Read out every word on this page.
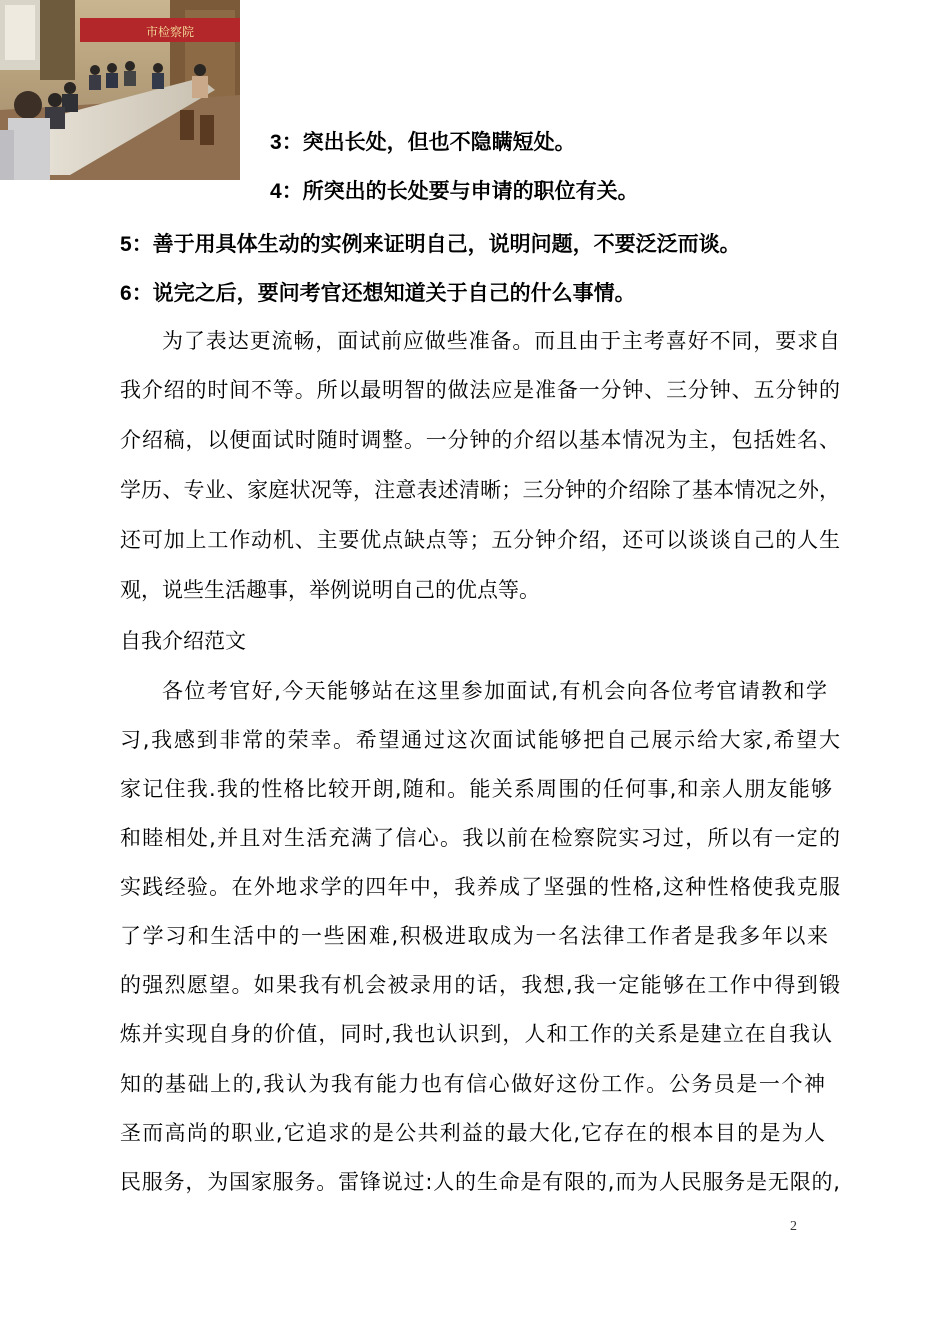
市检察院
3：突出长处，但也不隐瞒短处。
4：所突出的长处要与申请的职位有关。
5：善于用具体生动的实例来证明自己，说明问题，不要泛泛而谈。
6：说完之后，要问考官还想知道关于自己的什么事情。
为了表达更流畅，面试前应做些准备。而且由于主考喜好不同，要求自
我介绍的时间不等。所以最明智的做法应是准备一分钟、三分钟、五分钟的
介绍稿，以便面试时随时调整。一分钟的介绍以基本情况为主，包括姓名、
学历、专业、家庭状况等，注意表述清晰；三分钟的介绍除了基本情况之外，
还可加上工作动机、主要优点缺点等；五分钟介绍，还可以谈谈自己的人生
观，说些生活趣事，举例说明自己的优点等。
自我介绍范文
各位考官好,今天能够站在这里参加面试,有机会向各位考官请教和学
习,我感到非常的荣幸。希望通过这次面试能够把自己展示给大家,希望大
家记住我.我的性格比较开朗,随和。能关系周围的任何事,和亲人朋友能够
和睦相处,并且对生活充满了信心。我以前在检察院实习过，所以有一定的
实践经验。在外地求学的四年中，我养成了坚强的性格,这种性格使我克服
了学习和生活中的一些困难,积极进取成为一名法律工作者是我多年以来
的强烈愿望。如果我有机会被录用的话，我想,我一定能够在工作中得到锻
炼并实现自身的价值，同时,我也认识到，人和工作的关系是建立在自我认
知的基础上的,我认为我有能力也有信心做好这份工作。公务员是一个神
圣而高尚的职业,它追求的是公共利益的最大化,它存在的根本目的是为人
民服务，为国家服务。雷锋说过:人的生命是有限的,而为人民服务是无限的,
2
